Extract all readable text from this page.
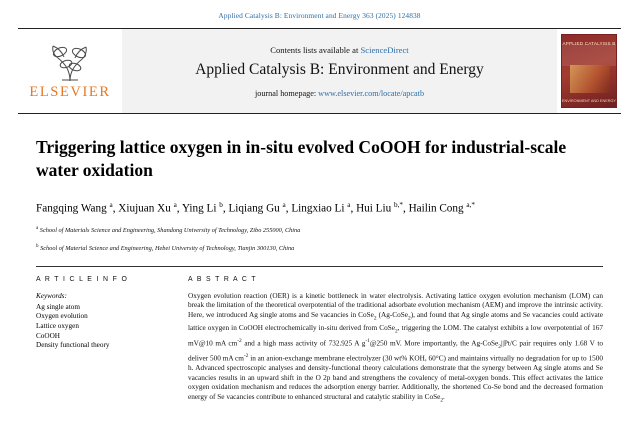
Applied Catalysis B: Environment and Energy 363 (2025) 124838
ELSEVIER
Contents lists available at ScienceDirect
Applied Catalysis B: Environment and Energy
journal homepage: www.elsevier.com/locate/apcatb
APPLIED CATALYSIS B
ENVIRONMENT AND ENERGY
Triggering lattice oxygen in in-situ evolved CoOOH for industrial-scale water oxidation
Fangqing Wang $^a$, Xiujuan Xu $^a$, Ying Li $^b$, Liqiang Gu $^a$, Lingxiao Li $^a$, Hui Liu $^{b,*}$, Hailin Cong $^{a,*}$
$^a$ School of Materials Science and Engineering, Shandong University of Technology, Zibo 255000, China
$^b$ School of Material Science and Engineering, Hebei University of Technology, Tianjin 300130, China
A R T I C L E I N F O
Keywords:
Ag single atom
Oxygen evolution
Lattice oxygen
CoOOH
Density functional theory
A B S T R A C T
Oxygen evolution reaction (OER) is a kinetic bottleneck in water electrolysis. Activating lattice oxygen evolution mechanism (LOM) can break the limitation of the theoretical overpotential of the traditional adsorbate evolution mechanism (AEM) and improve the intrinsic activity. Here, we introduced Ag single atoms and Se vacancies in CoSe$_2$ (Ag-CoSe$_2$), and found that Ag single atoms and Se vacancies could activate lattice oxygen in CoOOH electrochemically in-situ derived from CoSe$_2$, triggering the LOM. The catalyst exhibits a low overpotential of 167 mV@10 mA $cm^{-2}$ and a high mass activity of 732.925 A $g^{-1}@250$ mV. More importantly, the Ag-CoSe$_2$||Pt/C pair requires only 1.68 V to deliver 500 mA $cm^{-2}$ in an anion-exchange membrane electrolyzer (30 wt% KOH, 60°C) and maintains virtually no degradation for up to 1500 h. Advanced spectroscopic analyses and density-functional theory calculations demonstrate that the synergy between Ag single atoms and Se vacancies results in an upward shift in the O 2p band and strengthens the covalency of metal-oxygen bonds. This effect activates the lattice oxygen oxidation mechanism and reduces the adsorption energy barrier. Additionally, the shortened Co-Se bond and the decreased formation energy of Se vacancies contribute to enhanced structural and catalytic stability in CoSe$_2$.
